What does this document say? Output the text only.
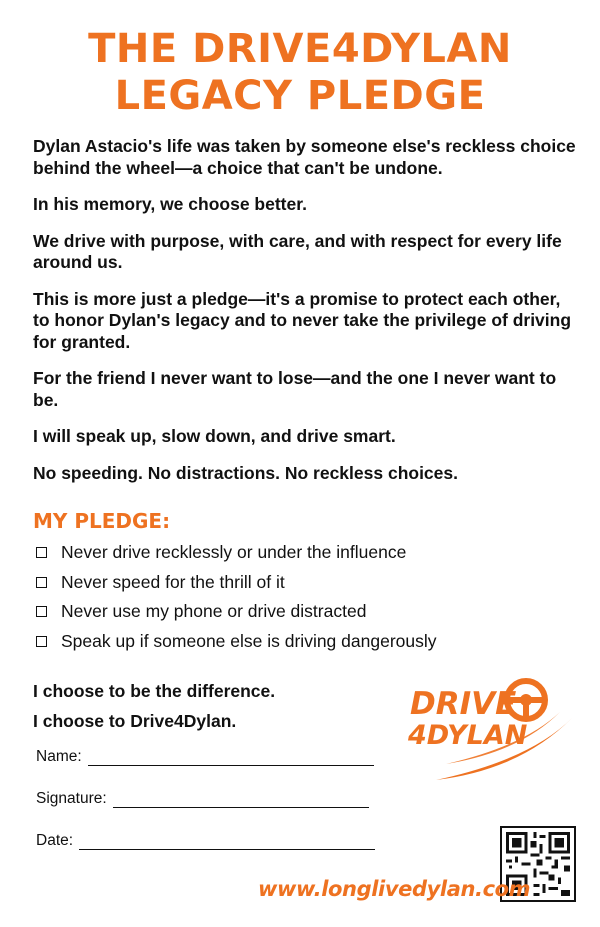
THE DRIVE4DYLAN
LEGACY PLEDGE

Dylan Astacio's life was taken by someone else's reckless choice behind the wheel—a choice that can't be undone.

In his memory, we choose better.

We drive with purpose, with care, and with respect for every life around us.

This is more just a pledge—it's a promise to protect each other, to honor Dylan's legacy and to never take the privilege of driving for granted.

For the friend I never want to lose—and the one I never want to be.

I will speak up, slow down, and drive smart.

No speeding. No distractions. No reckless choices.

MY PLEDGE:
Never drive recklessly or under the influence
Never speed for the thrill of it
Never use my phone or drive distracted
Speak up if someone else is driving dangerously
I choose to be the difference.
I choose to Drive4Dylan.
Name:
Signature:
Date:
DRIVE
4DYLAN
www.longlivedylan.com
